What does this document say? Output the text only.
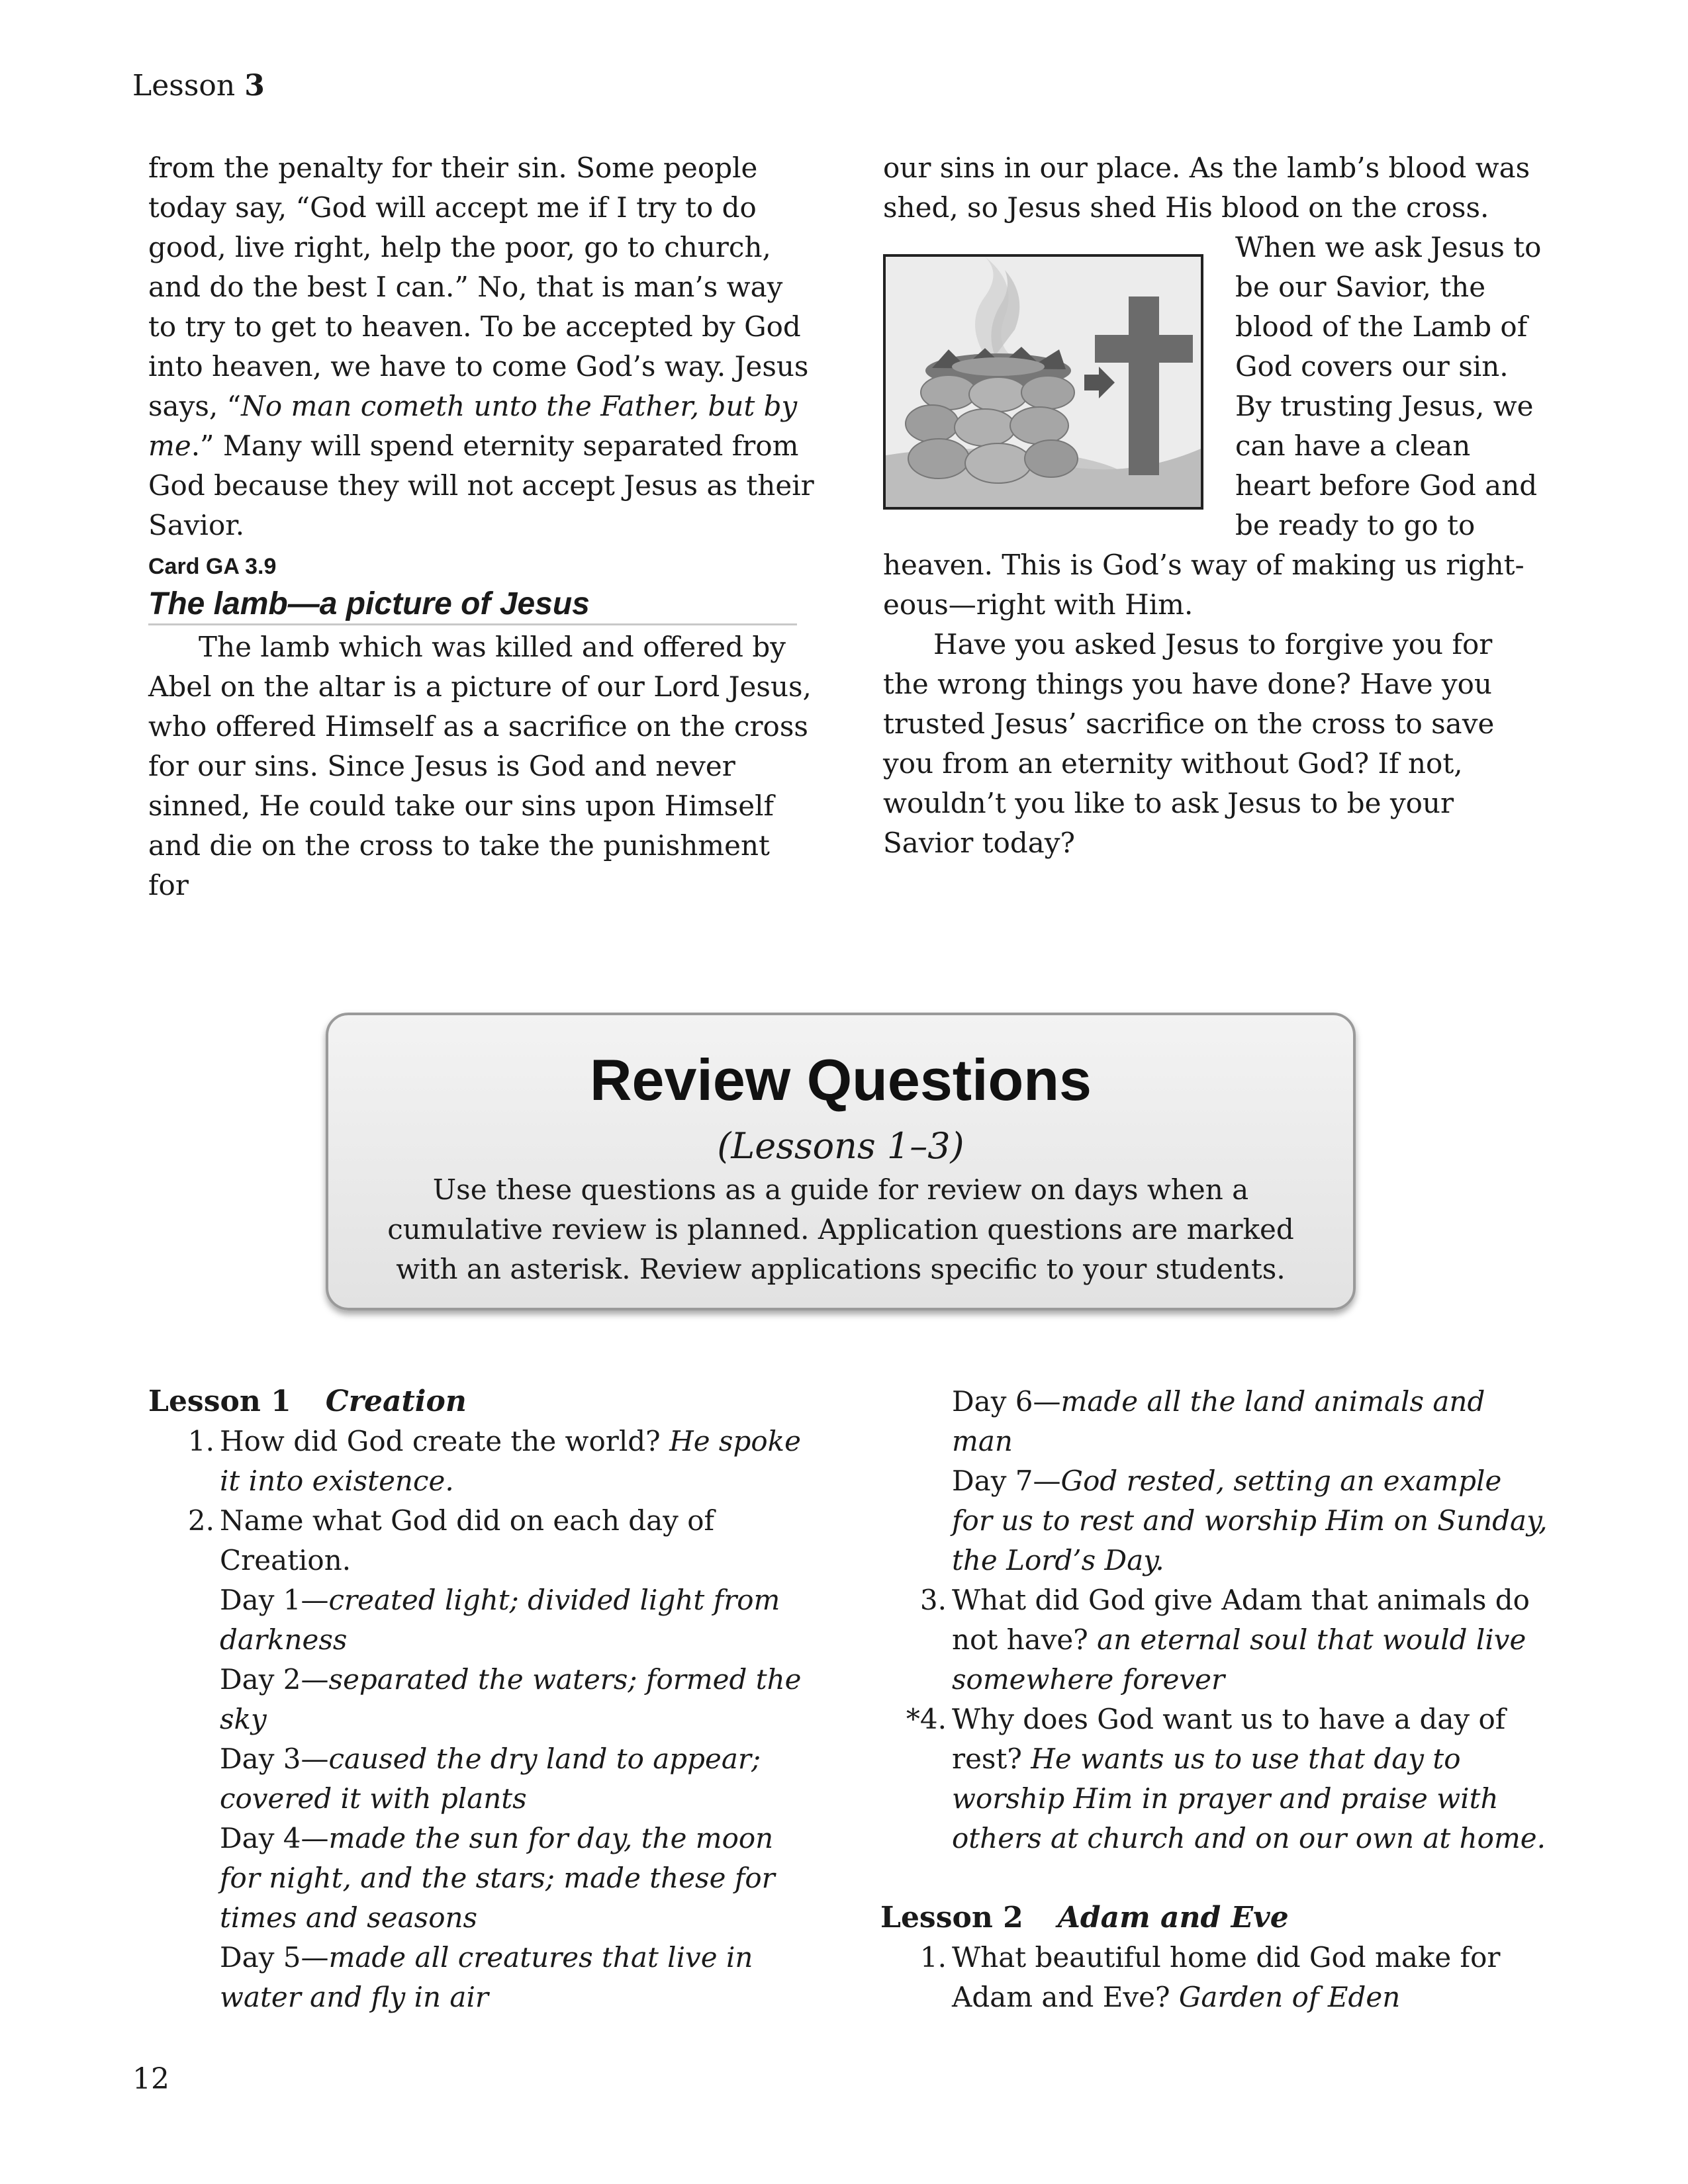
Lesson 3

from the penalty for their sin. Some people today say, “God will accept me if I try to do good, live right, help the poor, go to church, and do the best I can.” No, that is man’s way to try to get to heaven. To be accepted by God into heaven, we have to come God’s way. Jesus says, “No man cometh unto the Father, but by me.” Many will spend eternity separated from God because they will not accept Jesus as their Savior.

Card GA 3.9
The lamb—a picture of Jesus

The lamb which was killed and offered by Abel on the altar is a picture of our Lord Jesus, who offered Himself as a sacrifice on the cross for our sins. Since Jesus is God and never sinned, He could take our sins upon Himself and die on the cross to take the punishment for

our sins in our place. As the lamb’s blood was shed, so Jesus shed His blood on the cross.

When we ask Jesus to
be our Savior, the
blood of the Lamb of
God covers our sin.
By trusting Jesus, we
can have a clean
heart before God and
be ready to go to

heaven. This is God’s way of making us right-eous—right with Him.

Have you asked Jesus to forgive you for the wrong things you have done? Have you trusted Jesus’ sacrifice on the cross to save you from an eternity without God? If not, wouldn’t you like to ask Jesus to be your Savior today?

Review Questions
(Lessons 1–3)
Use these questions as a guide for review on days when a cumulative review is planned. Application questions are marked with an asterisk. Review applications specific to your students.
Lesson 1 Creation
1. How did God create the world? He spoke it into existence.
2. Name what God did on each day of Creation.
Day 1—created light; divided light from darkness
Day 2—separated the waters; formed the sky
Day 3—caused the dry land to appear; covered it with plants
Day 4—made the sun for day, the moon for night, and the stars; made these for times and seasons
Day 5—made all creatures that live in water and fly in air
Day 6—made all the land animals and man
Day 7—God rested, setting an example for us to rest and worship Him on Sunday, the Lord’s Day.
3. What did God give Adam that animals do not have? an eternal soul that would live somewhere forever
*4. Why does God want us to have a day of rest? He wants us to use that day to worship Him in prayer and praise with others at church and on our own at home.
Lesson 2 Adam and Eve
1. What beautiful home did God make for Adam and Eve? Garden of Eden
12
